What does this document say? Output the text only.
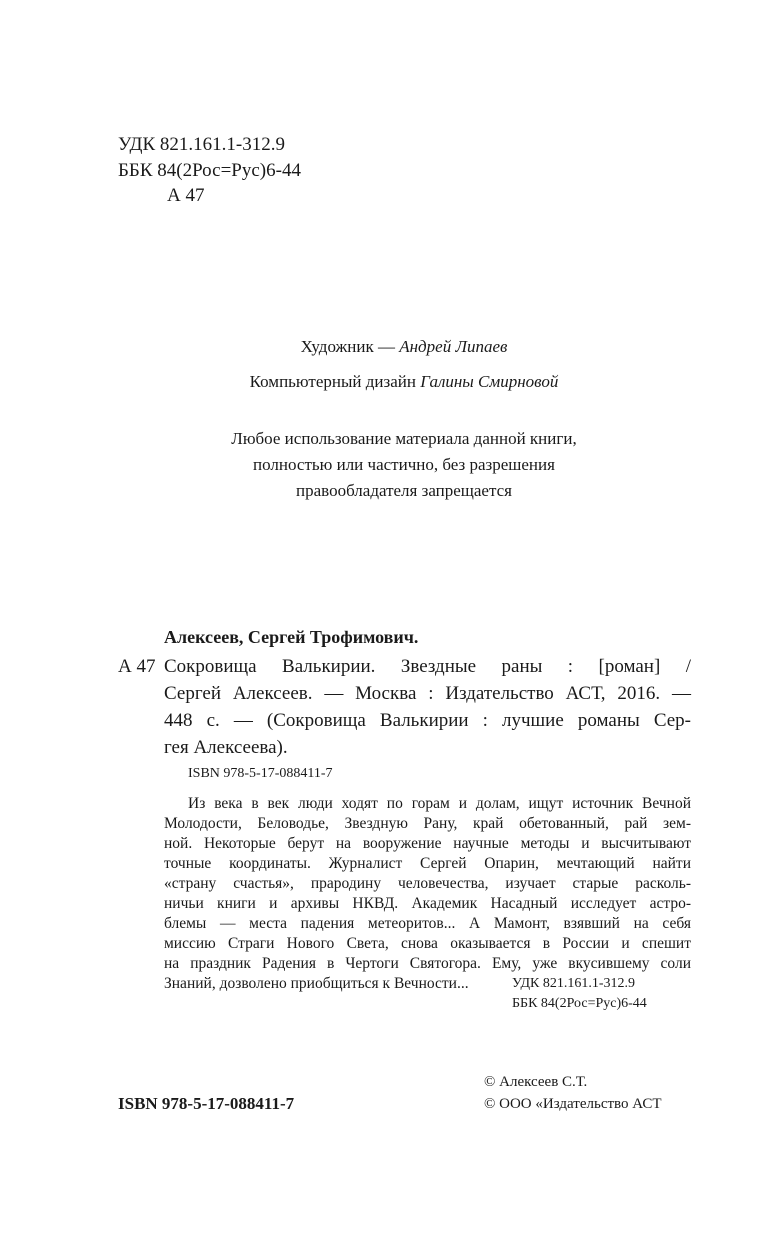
УДК 821.161.1-312.9
ББК 84(2Рос=Рус)6-44
А 47
Художник — Андрей Липаев
Компьютерный дизайн Галины Смирновой
Любое использование материала данной книги,
полностью или частично, без разрешения
правообладателя запрещается
Алексеев, Сергей Трофимович.
А 47 Сокровища Валькирии. Звездные раны : [роман] /
Сергей Алексеев. — Москва : Издательство АСТ, 2016. —
448 с. — (Сокровища Валькирии : лучшие романы Сер-
гея Алексеева).
ISBN 978-5-17-088411-7
Из века в век люди ходят по горам и долам, ищут источник Вечной
Молодости, Беловодье, Звездную Рану, край обетованный, рай зем-
ной. Некоторые берут на вооружение научные методы и высчитывают
точные координаты. Журналист Сергей Опарин, мечтающий найти
«страну счастья», прародину человечества, изучает старые расколь-
ничьи книги и архивы НКВД. Академик Насадный исследует астро-
блемы — места падения метеоритов... А Мамонт, взявший на себя
миссию Страги Нового Света, снова оказывается в России и спешит
на праздник Радения в Чертоги Святогора. Ему, уже вкусившему соли
Знаний, дозволено приобщиться к Вечности...	УДК 821.161.1-312.9
ББК 84(2Рос=Рус)6-44
ISBN 978-5-17-088411-7
© Алексеев С.Т.
© ООО «Издательство АСТ
